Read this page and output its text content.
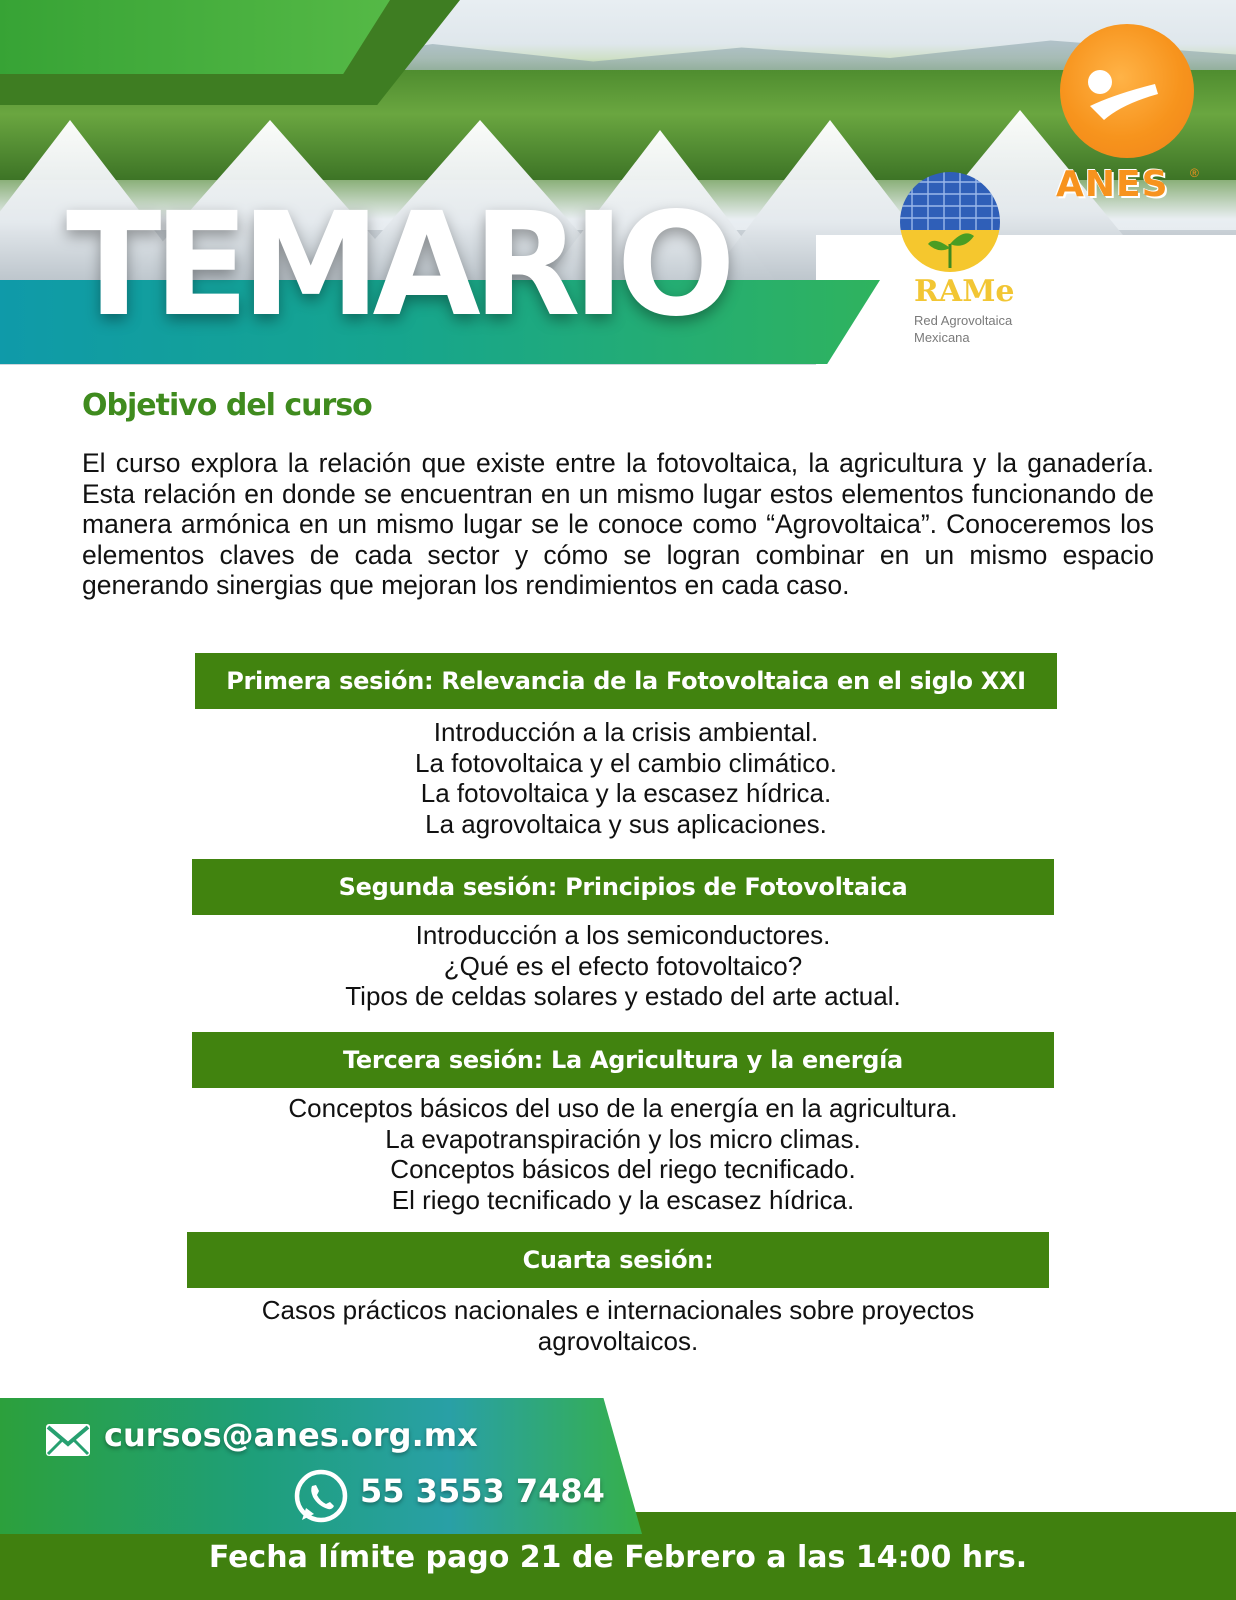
TEMARIO	ANES ®
RAMe
Red Agrovoltaica Mexicana
Objetivo del curso

El curso explora la relación que existe entre la fotovoltaica, la agricultura y la ganadería. Esta relación en donde se encuentran en un mismo lugar estos elementos funcionando de manera armónica en un mismo lugar se le conoce como “Agrovoltaica”. Conoceremos los elementos claves de cada sector y cómo se logran combinar en un mismo espacio generando sinergias que mejoran los rendimientos en cada caso.

Primera sesión: Relevancia de la Fotovoltaica en el siglo XXI
Introducción a la crisis ambiental.
La fotovoltaica y el cambio climático.
La fotovoltaica y la escasez hídrica.
La agrovoltaica y sus aplicaciones.
Segunda sesión: Principios de Fotovoltaica
Introducción a los semiconductores.
¿Qué es el efecto fotovoltaico?
Tipos de celdas solares y estado del arte actual.
Tercera sesión: La Agricultura y la energía
Conceptos básicos del uso de la energía en la agricultura.
La evapotranspiración y los micro climas.
Conceptos básicos del riego tecnificado.
El riego tecnificado y la escasez hídrica.
Cuarta sesión:
Casos prácticos nacionales e internacionales sobre proyectos
agrovoltaicos.
cursos@anes.org.mx
55 3553 7484

Fecha límite pago 21 de Febrero a las 14:00 hrs.
